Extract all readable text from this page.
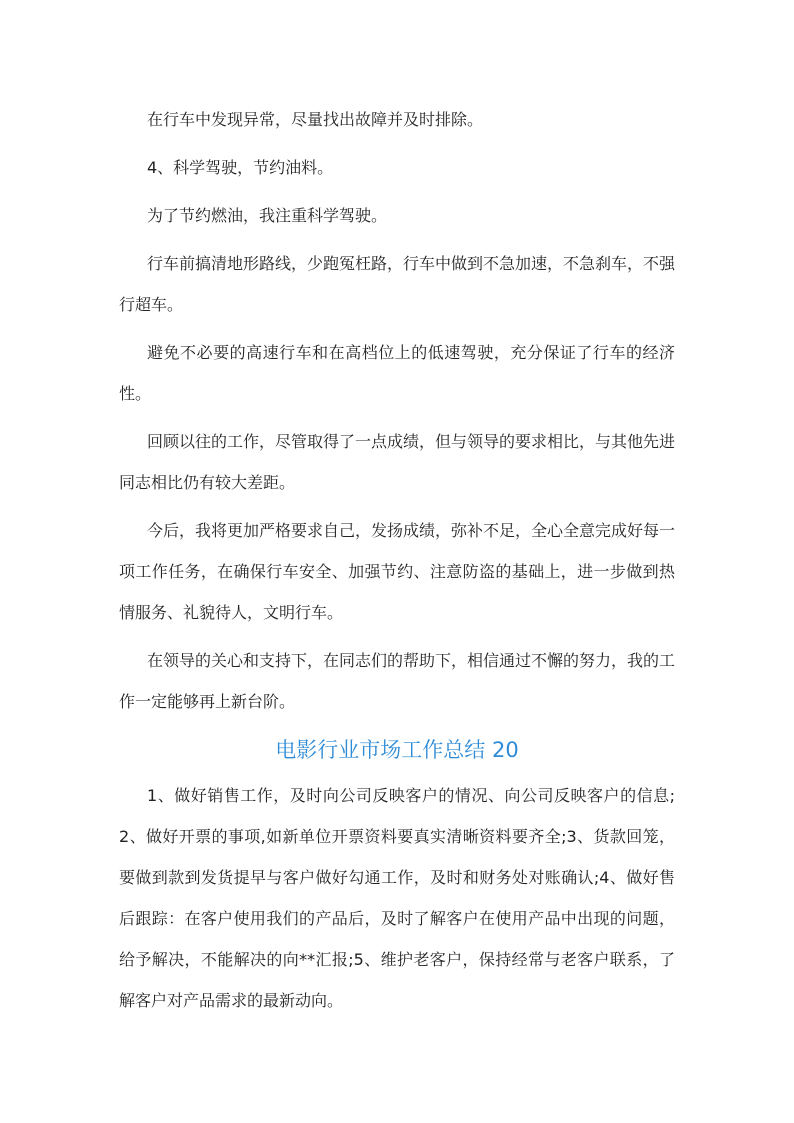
在行车中发现异常，尽量找出故障并及时排除。

4、科学驾驶，节约油料。

为了节约燃油，我注重科学驾驶。

行车前搞清地形路线，少跑冤枉路，行车中做到不急加速，不急刹车，不强行超车。

避免不必要的高速行车和在高档位上的低速驾驶，充分保证了行车的经济性。

回顾以往的工作，尽管取得了一点成绩，但与领导的要求相比，与其他先进同志相比仍有较大差距。

今后，我将更加严格要求自己，发扬成绩，弥补不足，全心全意完成好每一项工作任务，在确保行车安全、加强节约、注意防盗的基础上，进一步做到热情服务、礼貌待人，文明行车。

在领导的关心和支持下，在同志们的帮助下，相信通过不懈的努力，我的工作一定能够再上新台阶。

电影行业市场工作总结 20

1、做好销售工作，及时向公司反映客户的情况、向公司反映客户的信息;2、做好开票的事项,如新单位开票资料要真实清晰资料要齐全;3、货款回笼，要做到款到发货提早与客户做好勾通工作，及时和财务处对账确认;4、做好售后跟踪：在客户使用我们的产品后，及时了解客户在使用产品中出现的问题，给予解决，不能解决的向**汇报;5、维护老客户，保持经常与老客户联系，了解客户对产品需求的最新动向。
